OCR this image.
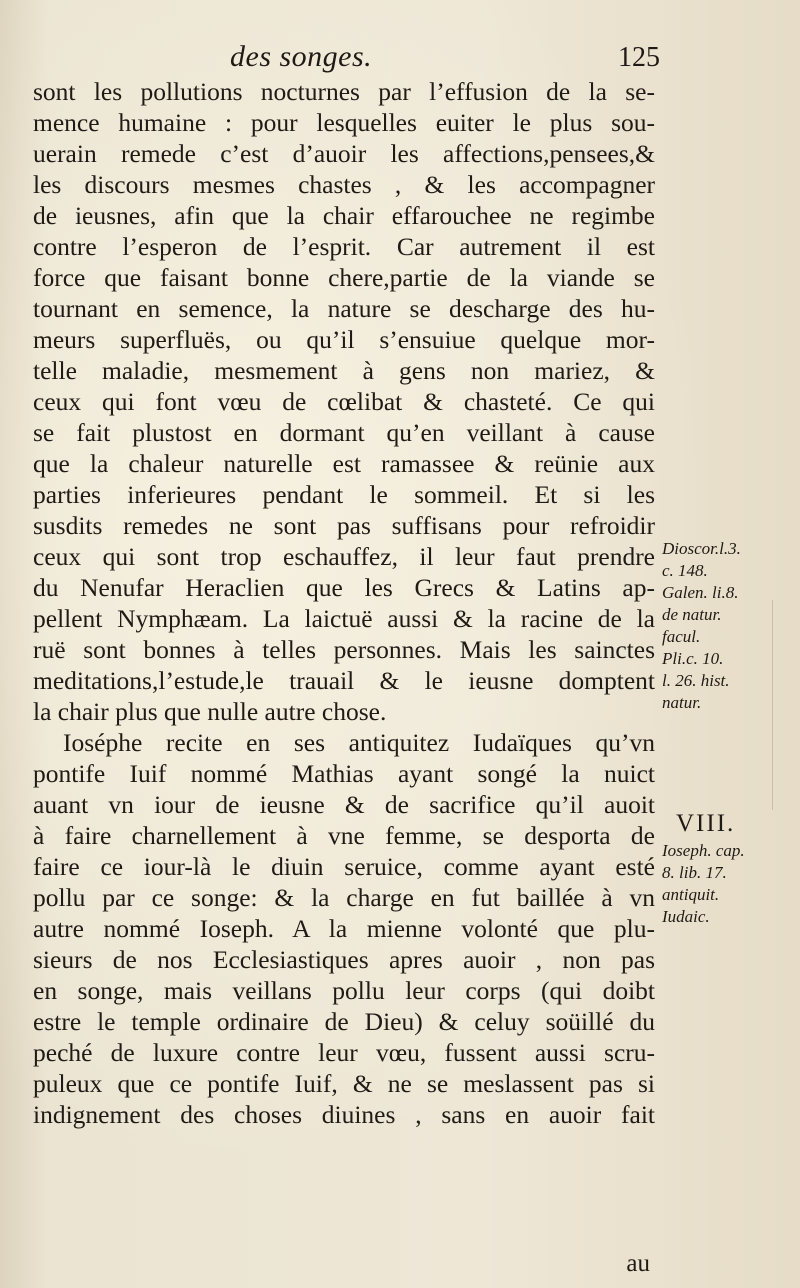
des songes.	125
sont les pollutions nocturnes par l’effusion de la se-
mence humaine : pour lesquelles euiter le plus sou-
uerain remede c’est d’auoir les affections,pensees,&
les discours mesmes chastes , & les accompagner
de ieusnes, afin que la chair effarouchee ne regimbe
contre l’esperon de l’esprit. Car autrement il est
force que faisant bonne chere,partie de la viande se
tournant en semence, la nature se descharge des hu-
meurs superfluës, ou qu’il s’ensuiue quelque mor-
telle maladie, mesmement à gens non mariez, &
ceux qui font vœu de cœlibat & chasteté. Ce qui
se fait plustost en dormant qu’en veillant à cause
que la chaleur naturelle est ramassee & reünie aux
parties inferieures pendant le sommeil. Et si les
susdits remedes ne sont pas suffisans pour refroidir
ceux qui sont trop eschauffez, il leur faut prendre
du Nenufar Heraclien que les Grecs & Latins ap-
pellent Nymphæam. La laictuë aussi & la racine de la
ruë sont bonnes à telles personnes. Mais les sainctes
meditations,l’estude,le trauail & le ieusne domptent
la chair plus que nulle autre chose.
Ioséphe recite en ses antiquitez Iudaïques qu’vn
pontife Iuif nommé Mathias ayant songé la nuict
auant vn iour de ieusne & de sacrifice qu’il auoit
à faire charnellement à vne femme, se desporta de
faire ce iour-là le diuin seruice, comme ayant esté
pollu par ce songe: & la charge en fut baillée à vn
autre nommé Ioseph. A la mienne volonté que plu-
sieurs de nos Ecclesiastiques apres auoir , non pas
en songe, mais veillans pollu leur corps (qui doibt
estre le temple ordinaire de Dieu) & celuy soüillé du
peché de luxure contre leur vœu, fussent aussi scru-
puleux que ce pontife Iuif, & ne se meslassent pas si
indignement des choses diuines , sans en auoir fait
au
Dioscor.l.3.
c. 148.
Galen. li.8.
de natur.
facul.
Pli.c. 10.
l. 26. hist.
natur.
VIII.
Ioseph. cap.
8. lib. 17.
antiquit.
Iudaic.
